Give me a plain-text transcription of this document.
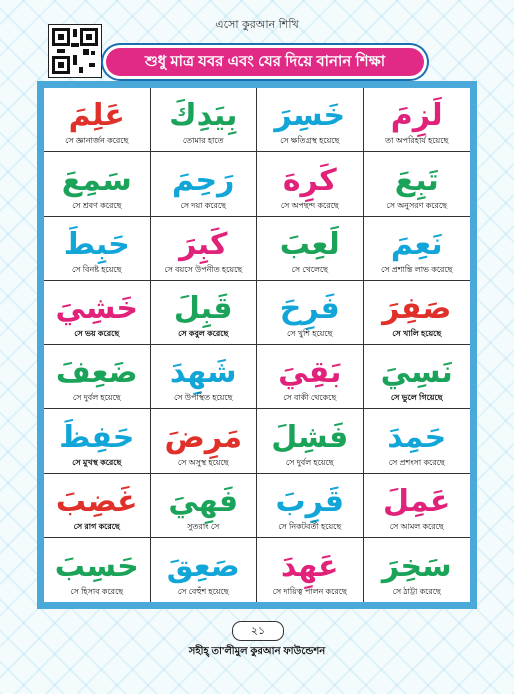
এসো কুরআন শিখি
শুধু মাত্র যবর এবং যের দিয়ে বানান শিক্ষা
عَلِمَ
সে জ্ঞানার্জন করেছে
بِيَدِكَ
তোমার হাতে
خَسِرَ
সে ক্ষতিগ্রস্থ হয়েছে
لَزِمَ
তা অপরিহার্য হয়েছে
سَمِعَ
সে শ্রবণ করেছে
رَحِمَ
সে দয়া করেছে
كَرِهَ
সে অপছন্দ করেছে
تَبِعَ
সে অনুসরণ করেছে
حَبِطَ
সে বিনষ্ট হয়েছে
كَبِرَ
সে বয়সে উপনীত হয়েছে
لَعِبَ
সে খেলেছে
نَعِمَ
সে প্রশান্তি লাভ করেছে
خَشِيَ
সে ভয় করেছে
قَبِلَ
সে কবুল করেছে
فَرِحَ
সে খুশি হয়েছে
صَفِرَ
সে খালি হয়েছে
ضَعِفَ
সে দুর্বল হয়েছে
شَهِدَ
সে উপস্থিত হয়েছে
بَقِيَ
সে বাকী থেকেছে
نَسِيَ
সে ভুলে গিয়েছে
حَفِظَ
সে মুখস্থ করেছে
مَرِضَ
সে অসুস্থ হয়েছে
فَشِلَ
সে দুর্বল হয়েছে
حَمِدَ
সে প্রশংসা করেছে
غَضِبَ
সে রাগ করেছে
فَهِيَ
সুতরাং সে
قَرِبَ
সে নিকটবর্তী হয়েছে
عَمِلَ
সে আমল করেছে
حَسِبَ
সে হিসাব করেছে
صَعِقَ
সে বেহুঁশ হয়েছে
عَهِدَ
সে দায়িত্ব পালন করেছে
سَخِرَ
সে ঠাট্টা করেছে
২১
সহীহ্ তা'লীমুল কুরআন ফাউন্ডেশন
